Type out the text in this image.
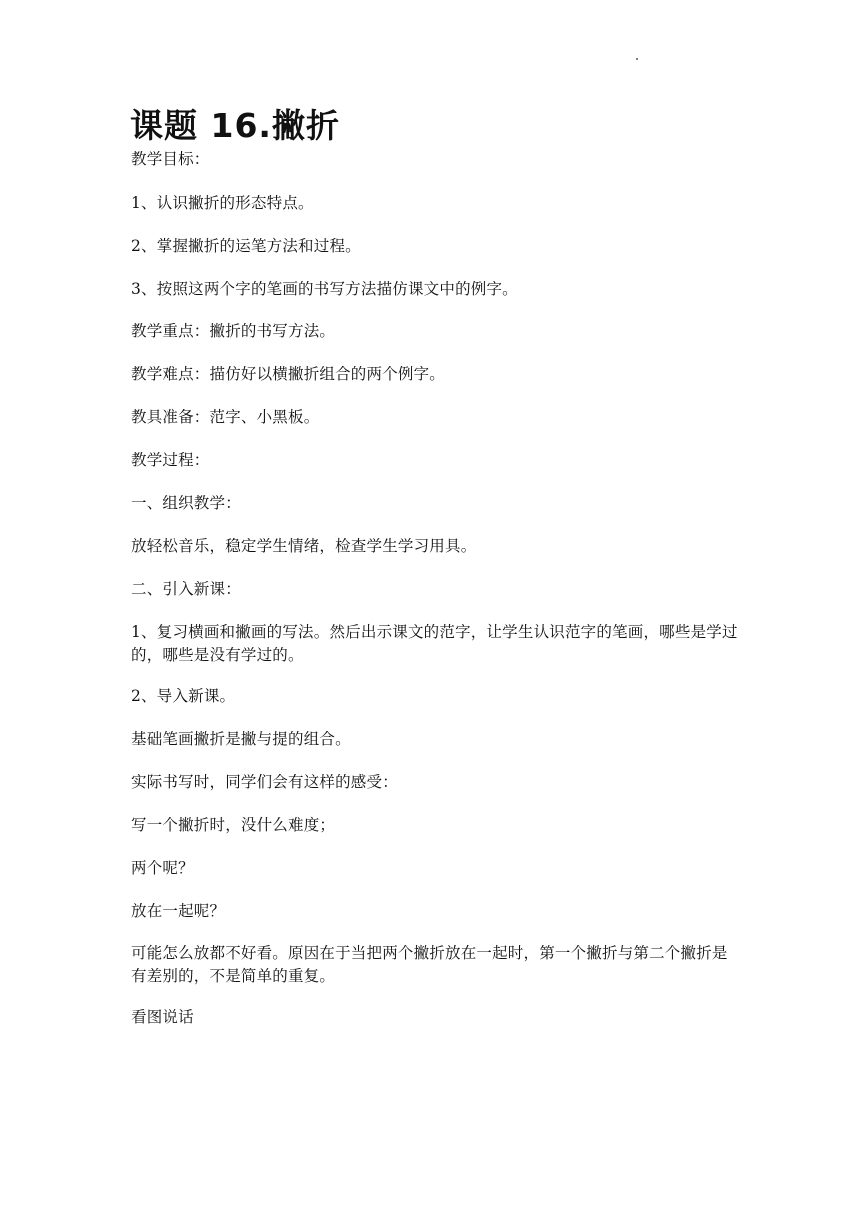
课题 16.撇折

教学目标：

1、认识撇折的形态特点。

2、掌握撇折的运笔方法和过程。

3、按照这两个字的笔画的书写方法描仿课文中的例字。

教学重点：撇折的书写方法。

教学难点：描仿好以横撇折组合的两个例字。

教具准备：范字、小黑板。

教学过程：

一、组织教学：

放轻松音乐，稳定学生情绪，检查学生学习用具。

二、引入新课：

1、复习横画和撇画的写法。然后出示课文的范字，让学生认识范字的笔画，哪些是学过的，哪些是没有学过的。

2、导入新课。

基础笔画撇折是撇与提的组合。

实际书写时，同学们会有这样的感受：

写一个撇折时，没什么难度；

两个呢？

放在一起呢？

可能怎么放都不好看。原因在于当把两个撇折放在一起时，第一个撇折与第二个撇折是有差别的，不是简单的重复。

看图说话
